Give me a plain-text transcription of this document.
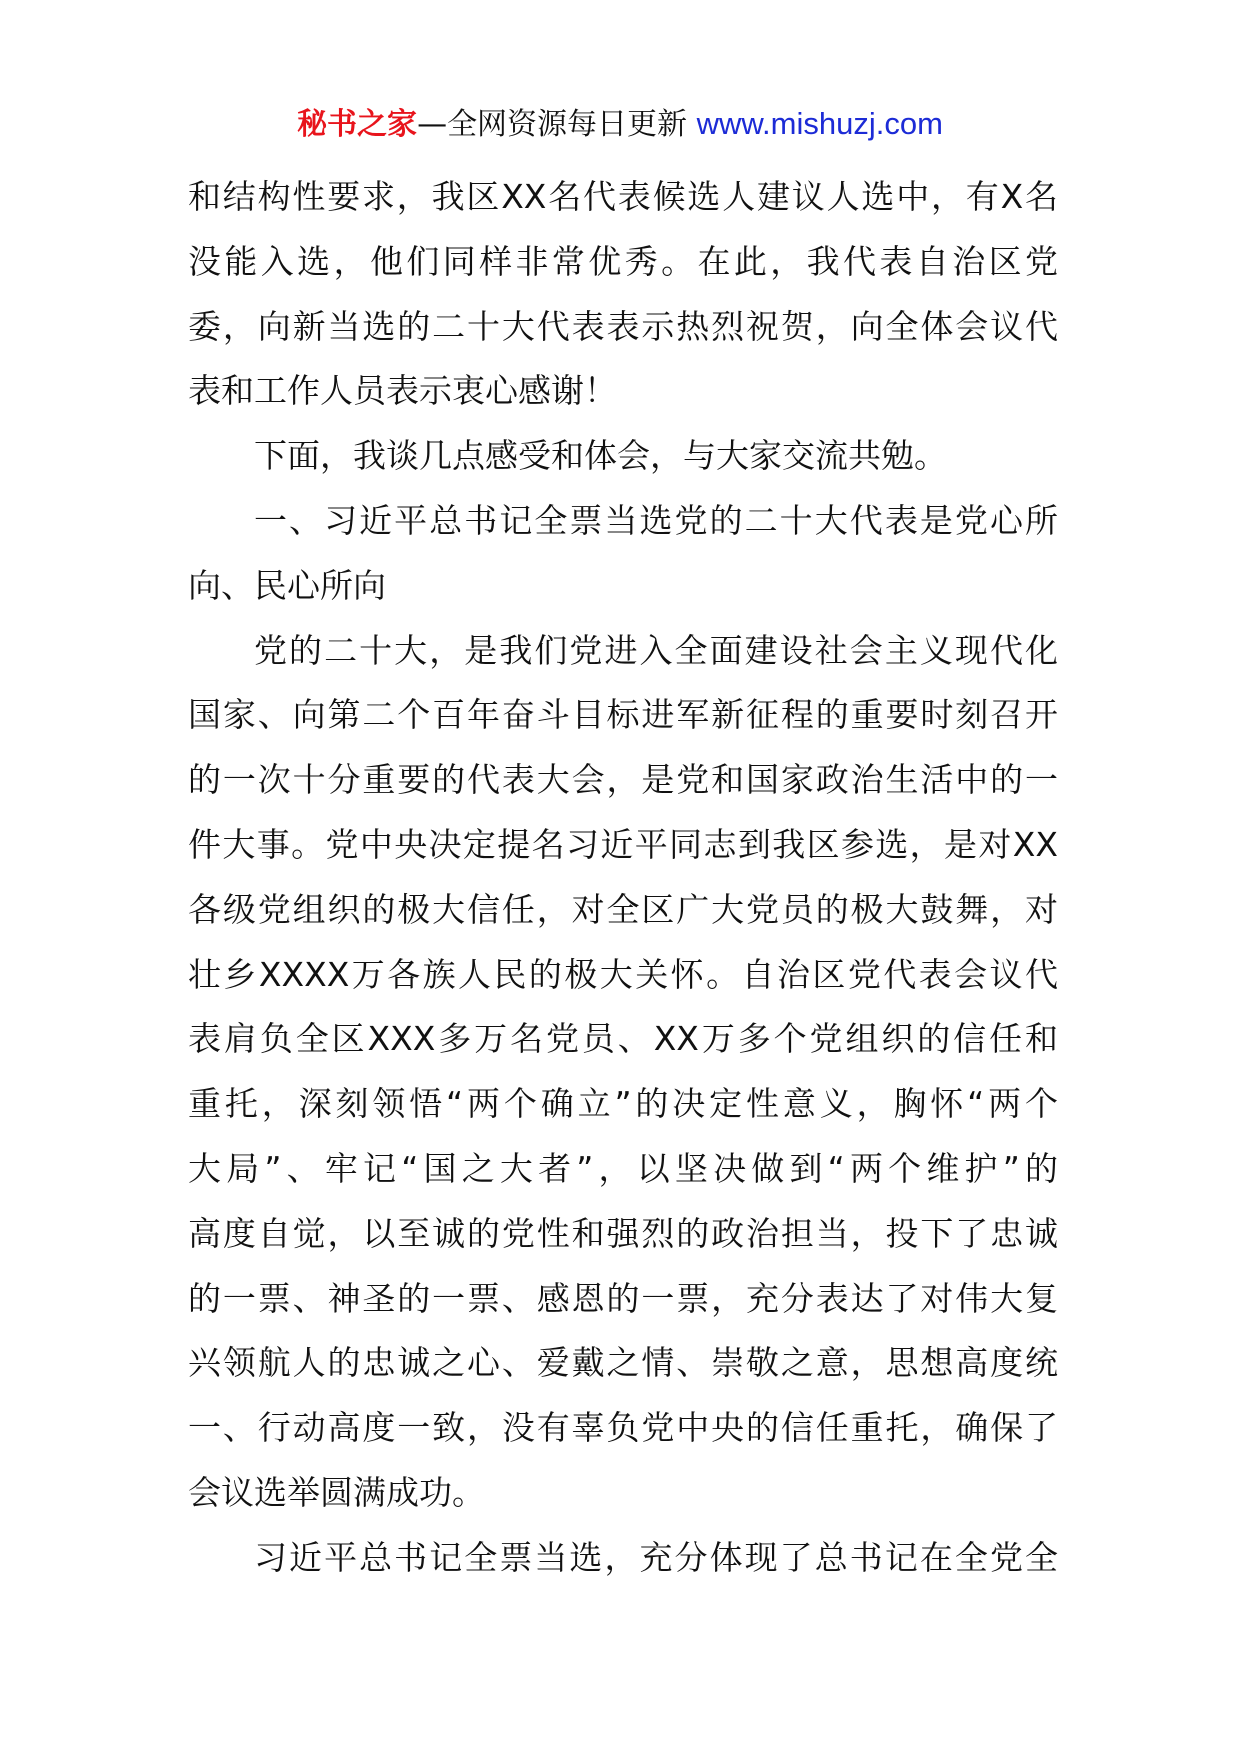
秘书之家—全网资源每日更新 www.mishuzj.com
和结构性要求，我区XX名代表候选人建议人选中，有X名
没能入选，他们同样非常优秀。在此，我代表自治区党
委，向新当选的二十大代表表示热烈祝贺，向全体会议代
表和工作人员表示衷心感谢！
下面，我谈几点感受和体会，与大家交流共勉。
一、习近平总书记全票当选党的二十大代表是党心所
向、民心所向
党的二十大，是我们党进入全面建设社会主义现代化
国家、向第二个百年奋斗目标进军新征程的重要时刻召开
的一次十分重要的代表大会，是党和国家政治生活中的一
件大事。党中央决定提名习近平同志到我区参选，是对XX
各级党组织的极大信任，对全区广大党员的极大鼓舞，对
壮乡XXXX万各族人民的极大关怀。自治区党代表会议代
表肩负全区XXX多万名党员、XX万多个党组织的信任和
重托，深刻领悟“两个确立”的决定性意义，胸怀“两个
大局”、牢记“国之大者”，以坚决做到“两个维护”的
高度自觉，以至诚的党性和强烈的政治担当，投下了忠诚
的一票、神圣的一票、感恩的一票，充分表达了对伟大复
兴领航人的忠诚之心、爱戴之情、崇敬之意，思想高度统
一、行动高度一致，没有辜负党中央的信任重托，确保了
会议选举圆满成功。
习近平总书记全票当选，充分体现了总书记在全党全
